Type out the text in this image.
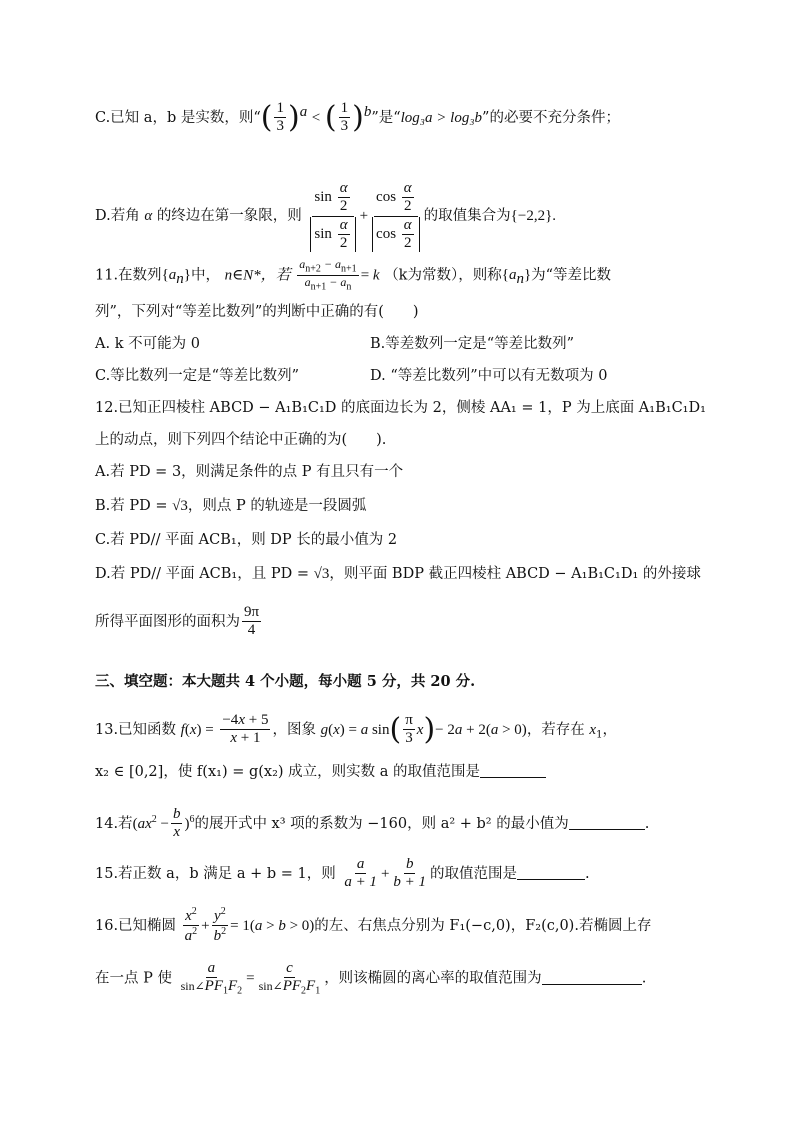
C.已知 a，b 是实数，则“( $\frac{1}{3} )^a$ < ( $\frac{1}{3} )^b$”是“log₃a > log₃b”的必要不充分条件；
D.若角 α 的终边在第一象限，则 $\frac{\sin \frac{\alpha}{2}}{\sin \frac{\alpha}{2}} + \frac{\cos \frac{\alpha}{2}}{\cos \frac{\alpha}{2}}$ 的取值集合为{−2,2}.
11.在数列$\{a_n\}$中， n∈N*，若 $\frac{a_{n+2} - a_{n+1}}{a_{n+1} - a_n} = k$ （k为常数），则称$\{a_n\}$为“等差比数
列”，下列对“等差比数列”的判断中正确的有(　　)
A. k 不可能为 0	B.等差数列一定是“等差比数列”
C.等比数列一定是“等差比数列”	D. “等差比数列”中可以有无数项为 0
12.已知正四棱柱 ABCD − A₁B₁C₁D 的底面边长为 2，侧棱 AA₁ = 1，P 为上底面 A₁B₁C₁D₁
上的动点，则下列四个结论中正确的为(　　).
A.若 PD = 3，则满足条件的点 P 有且只有一个
B.若 PD = √3，则点 P 的轨迹是一段圆弧
C.若 PD// 平面 ACB₁，则 DP 长的最小值为 2
D.若 PD// 平面 ACB₁，且 PD = √3，则平面 BDP 截正四棱柱 ABCD − A₁B₁C₁D₁ 的外接球
所得平面图形的面积为 $\frac{9\pi}{4}$
三、填空题：本大题共 4 个小题，每小题 5 分，共 20 分.
13.已知函数 $f(x) = \frac{-4x + 5}{x + 1}$ ，图象 g(x) = a $\sin( \frac{\pi}{3} x)- 2a + 2(a > 0)$，若存在 $x_1$，
x₂ ∈ [0,2]，使 f(x₁) = g(x₂) 成立，则实数 a 的取值范围是
14.若$(ax^2 - \frac{b}{x} )^6$的展开式中 x³ 项的系数为 −160，则 a² + b² 的最小值为	.
15.若正数 a，b 满足 a + b = 1，则 $\frac{a}{a + 1} + \frac{b}{b + 1}$ 的取值范围是	.
16.已知椭圆 $\frac{x^2}{a^2} + \frac{y^2}{b^2} = 1(a > b > 0)$的左、右焦点分别为 F₁(−c,0)，F₂(c,0).若椭圆上存
在一点 P 使 $\frac{a}{\sin\angle PF_1F_2} = \frac{c}{\sin\angle PF_2F_1}$ ，则该椭圆的离心率的取值范围为	.
